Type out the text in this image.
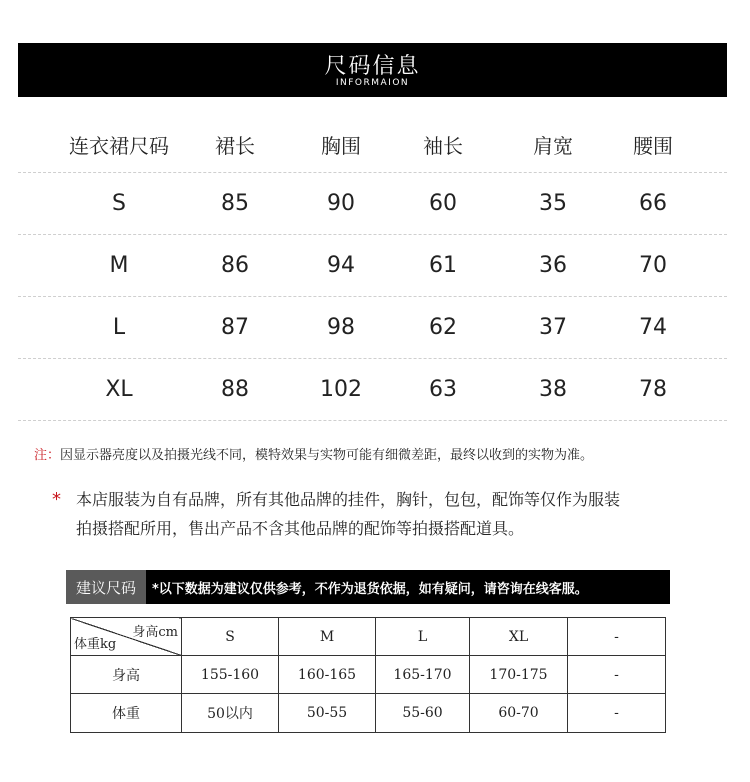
尺码信息
INFORMAION
连衣裙尺码	裙长	胸围	袖长	肩宽	腰围
S	85	90	60	35	66
M	86	94	61	36	70
L	87	98	62	37	74
XL	88	102	63	38	78
注：因显示器亮度以及拍摄光线不同，模特效果与实物可能有细微差距，最终以收到的实物为准。
* 本店服装为自有品牌，所有其他品牌的挂件，胸针，包包，配饰等仅作为服装
拍摄搭配所用，售出产品不含其他品牌的配饰等拍摄搭配道具。
建议尺码	*以下数据为建议仅供参考，不作为退货依据，如有疑问，请咨询在线客服。
身高cm
体重kg	S	M	L	XL	-
身高	155-160	160-165	165-170	170-175	-
体重	50以内	50-55	55-60	60-70	-
